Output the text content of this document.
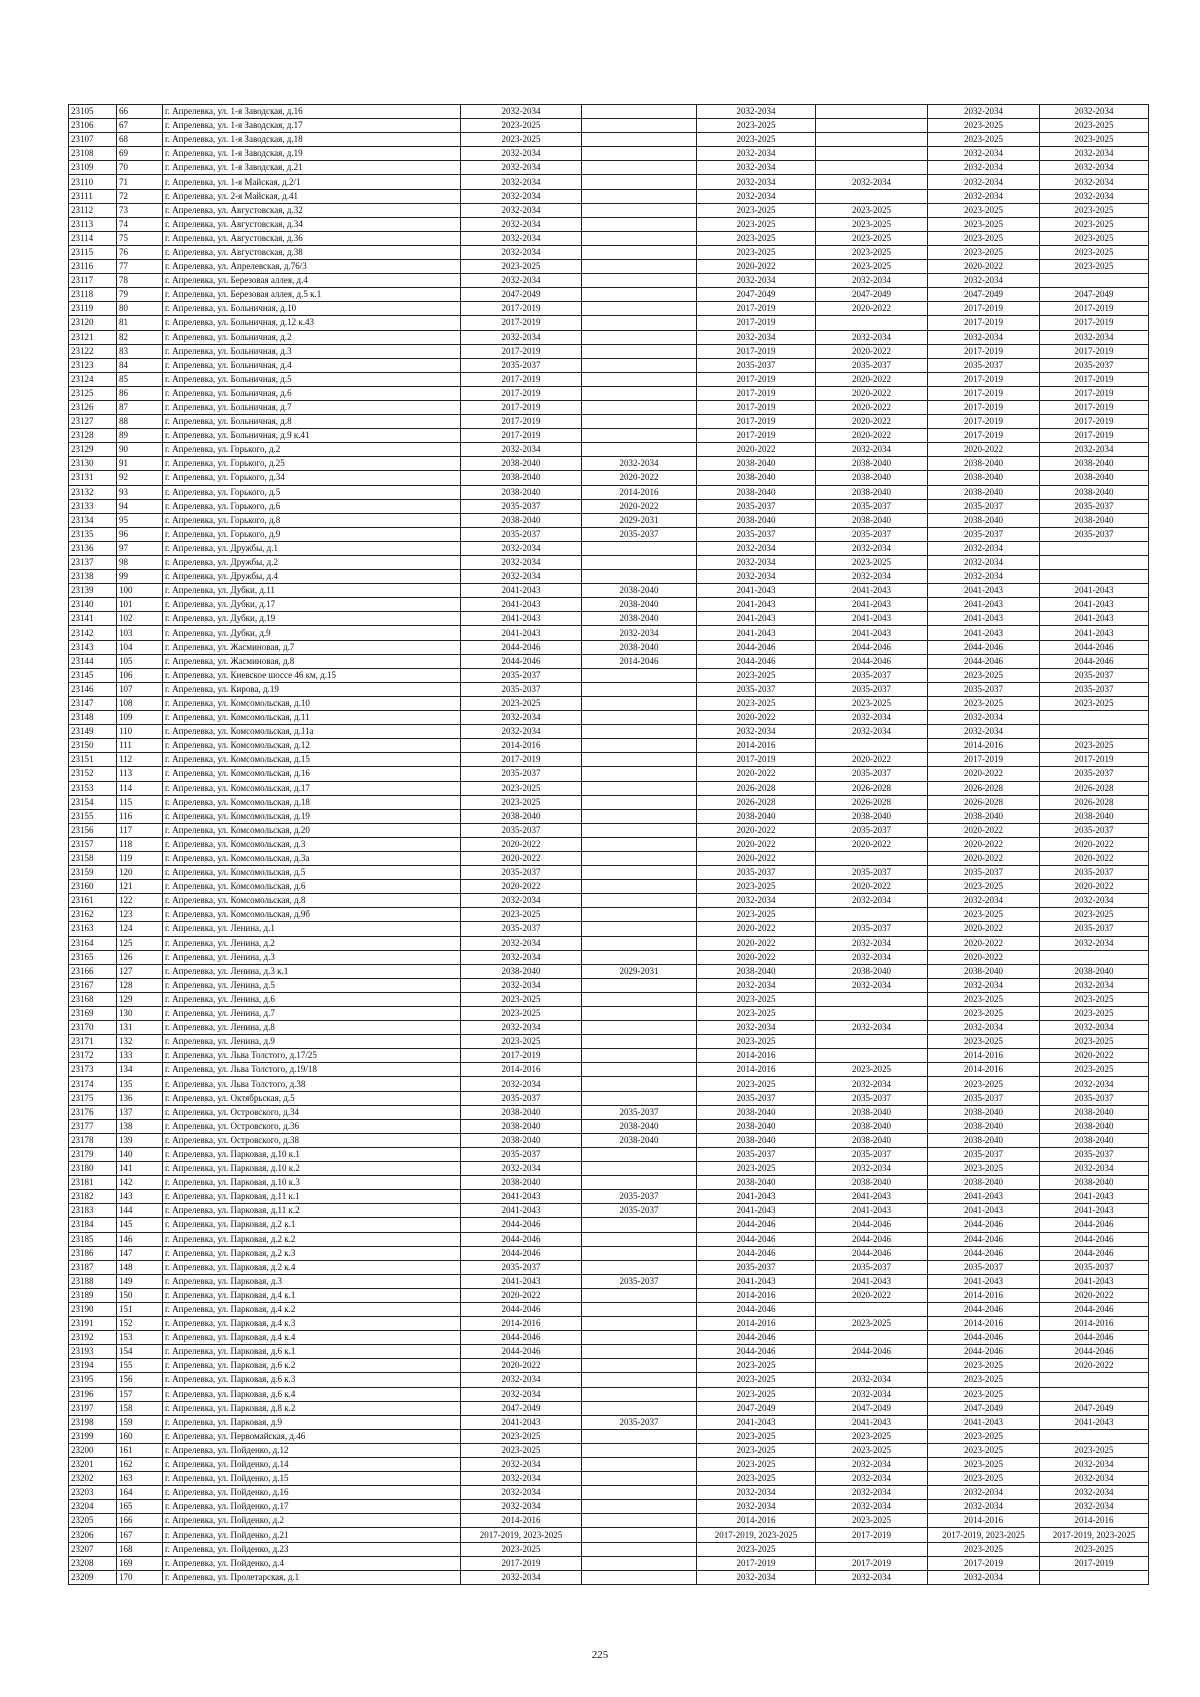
23105	66	г. Апрелевка, ул. 1-я Заводская, д.16	2032-2034		2032-2034		2032-2034	2032-2034
23106	67	г. Апрелевка, ул. 1-я Заводская, д.17	2023-2025		2023-2025		2023-2025	2023-2025
23107	68	г. Апрелевка, ул. 1-я Заводская, д.18	2023-2025		2023-2025		2023-2025	2023-2025
23108	69	г. Апрелевка, ул. 1-я Заводская, д.19	2032-2034		2032-2034		2032-2034	2032-2034
23109	70	г. Апрелевка, ул. 1-я Заводская, д.21	2032-2034		2032-2034		2032-2034	2032-2034
23110	71	г. Апрелевка, ул. 1-я Майская, д.2/1	2032-2034		2032-2034	2032-2034	2032-2034	2032-2034
23111	72	г. Апрелевка, ул. 2-я Майская, д.41	2032-2034		2032-2034		2032-2034	2032-2034
23112	73	г. Апрелевка, ул. Августовская, д.32	2032-2034		2023-2025	2023-2025	2023-2025	2023-2025
23113	74	г. Апрелевка, ул. Августовская, д.34	2032-2034		2023-2025	2023-2025	2023-2025	2023-2025
23114	75	г. Апрелевка, ул. Августовская, д.36	2032-2034		2023-2025	2023-2025	2023-2025	2023-2025
23115	76	г. Апрелевка, ул. Августовская, д.38	2032-2034		2023-2025	2023-2025	2023-2025	2023-2025
23116	77	г. Апрелевка, ул. Апрелевская, д.76/3	2023-2025		2020-2022	2023-2025	2020-2022	2023-2025
23117	78	г. Апрелевка, ул. Березовая аллея, д.4	2032-2034		2032-2034	2032-2034	2032-2034	
23118	79	г. Апрелевка, ул. Березовая аллея, д.5 к.1	2047-2049		2047-2049	2047-2049	2047-2049	2047-2049
23119	80	г. Апрелевка, ул. Больничная, д.10	2017-2019		2017-2019	2020-2022	2017-2019	2017-2019
23120	81	г. Апрелевка, ул. Больничная, д.12 к.43	2017-2019		2017-2019		2017-2019	2017-2019
23121	82	г. Апрелевка, ул. Больничная, д.2	2032-2034		2032-2034	2032-2034	2032-2034	2032-2034
23122	83	г. Апрелевка, ул. Больничная, д.3	2017-2019		2017-2019	2020-2022	2017-2019	2017-2019
23123	84	г. Апрелевка, ул. Больничная, д.4	2035-2037		2035-2037	2035-2037	2035-2037	2035-2037
23124	85	г. Апрелевка, ул. Больничная, д.5	2017-2019		2017-2019	2020-2022	2017-2019	2017-2019
23125	86	г. Апрелевка, ул. Больничная, д.6	2017-2019		2017-2019	2020-2022	2017-2019	2017-2019
23126	87	г. Апрелевка, ул. Больничная, д.7	2017-2019		2017-2019	2020-2022	2017-2019	2017-2019
23127	88	г. Апрелевка, ул. Больничная, д.8	2017-2019		2017-2019	2020-2022	2017-2019	2017-2019
23128	89	г. Апрелевка, ул. Больничная, д.9 к.41	2017-2019		2017-2019	2020-2022	2017-2019	2017-2019
23129	90	г. Апрелевка, ул. Горького, д.2	2032-2034		2020-2022	2032-2034	2020-2022	2032-2034
23130	91	г. Апрелевка, ул. Горького, д.25	2038-2040	2032-2034	2038-2040	2038-2040	2038-2040	2038-2040
23131	92	г. Апрелевка, ул. Горького, д.34	2038-2040	2020-2022	2038-2040	2038-2040	2038-2040	2038-2040
23132	93	г. Апрелевка, ул. Горького, д.5	2038-2040	2014-2016	2038-2040	2038-2040	2038-2040	2038-2040
23133	94	г. Апрелевка, ул. Горького, д.6	2035-2037	2020-2022	2035-2037	2035-2037	2035-2037	2035-2037
23134	95	г. Апрелевка, ул. Горького, д.8	2038-2040	2029-2031	2038-2040	2038-2040	2038-2040	2038-2040
23135	96	г. Апрелевка, ул. Горького, д.9	2035-2037	2035-2037	2035-2037	2035-2037	2035-2037	2035-2037
23136	97	г. Апрелевка, ул. Дружбы, д.1	2032-2034		2032-2034	2032-2034	2032-2034	
23137	98	г. Апрелевка, ул. Дружбы, д.2	2032-2034		2032-2034	2023-2025	2032-2034	
23138	99	г. Апрелевка, ул. Дружбы, д.4	2032-2034		2032-2034	2032-2034	2032-2034	
23139	100	г. Апрелевка, ул. Дубки, д.11	2041-2043	2038-2040	2041-2043	2041-2043	2041-2043	2041-2043
23140	101	г. Апрелевка, ул. Дубки, д.17	2041-2043	2038-2040	2041-2043	2041-2043	2041-2043	2041-2043
23141	102	г. Апрелевка, ул. Дубки, д.19	2041-2043	2038-2040	2041-2043	2041-2043	2041-2043	2041-2043
23142	103	г. Апрелевка, ул. Дубки, д.9	2041-2043	2032-2034	2041-2043	2041-2043	2041-2043	2041-2043
23143	104	г. Апрелевка, ул. Жасминовая, д.7	2044-2046	2038-2040	2044-2046	2044-2046	2044-2046	2044-2046
23144	105	г. Апрелевка, ул. Жасминовая, д.8	2044-2046	2014-2046	2044-2046	2044-2046	2044-2046	2044-2046
23145	106	г. Апрелевка, ул. Киевское шоссе 46 км, д.15	2035-2037		2023-2025	2035-2037	2023-2025	2035-2037
23146	107	г. Апрелевка, ул. Кирова, д.19	2035-2037		2035-2037	2035-2037	2035-2037	2035-2037
23147	108	г. Апрелевка, ул. Комсомольская, д.10	2023-2025		2023-2025	2023-2025	2023-2025	2023-2025
23148	109	г. Апрелевка, ул. Комсомольская, д.11	2032-2034		2020-2022	2032-2034	2032-2034	
23149	110	г. Апрелевка, ул. Комсомольская, д.11а	2032-2034		2032-2034	2032-2034	2032-2034	
23150	111	г. Апрелевка, ул. Комсомольская, д.12	2014-2016		2014-2016		2014-2016	2023-2025
23151	112	г. Апрелевка, ул. Комсомольская, д.15	2017-2019		2017-2019	2020-2022	2017-2019	2017-2019
23152	113	г. Апрелевка, ул. Комсомольская, д.16	2035-2037		2020-2022	2035-2037	2020-2022	2035-2037
23153	114	г. Апрелевка, ул. Комсомольская, д.17	2023-2025		2026-2028	2026-2028	2026-2028	2026-2028
23154	115	г. Апрелевка, ул. Комсомольская, д.18	2023-2025		2026-2028	2026-2028	2026-2028	2026-2028
23155	116	г. Апрелевка, ул. Комсомольская, д.19	2038-2040		2038-2040	2038-2040	2038-2040	2038-2040
23156	117	г. Апрелевка, ул. Комсомольская, д.20	2035-2037		2020-2022	2035-2037	2020-2022	2035-2037
23157	118	г. Апрелевка, ул. Комсомольская, д.3	2020-2022		2020-2022	2020-2022	2020-2022	2020-2022
23158	119	г. Апрелевка, ул. Комсомольская, д.3а	2020-2022		2020-2022		2020-2022	2020-2022
23159	120	г. Апрелевка, ул. Комсомольская, д.5	2035-2037		2035-2037	2035-2037	2035-2037	2035-2037
23160	121	г. Апрелевка, ул. Комсомольская, д.6	2020-2022		2023-2025	2020-2022	2023-2025	2020-2022
23161	122	г. Апрелевка, ул. Комсомольская, д.8	2032-2034		2032-2034	2032-2034	2032-2034	2032-2034
23162	123	г. Апрелевка, ул. Комсомольская, д.9б	2023-2025		2023-2025		2023-2025	2023-2025
23163	124	г. Апрелевка, ул. Ленина, д.1	2035-2037		2020-2022	2035-2037	2020-2022	2035-2037
23164	125	г. Апрелевка, ул. Ленина, д.2	2032-2034		2020-2022	2032-2034	2020-2022	2032-2034
23165	126	г. Апрелевка, ул. Ленина, д.3	2032-2034		2020-2022	2032-2034	2020-2022	
23166	127	г. Апрелевка, ул. Ленина, д.3 к.1	2038-2040	2029-2031	2038-2040	2038-2040	2038-2040	2038-2040
23167	128	г. Апрелевка, ул. Ленина, д.5	2032-2034		2032-2034	2032-2034	2032-2034	2032-2034
23168	129	г. Апрелевка, ул. Ленина, д.6	2023-2025		2023-2025		2023-2025	2023-2025
23169	130	г. Апрелевка, ул. Ленина, д.7	2023-2025		2023-2025		2023-2025	2023-2025
23170	131	г. Апрелевка, ул. Ленина, д.8	2032-2034		2032-2034	2032-2034	2032-2034	2032-2034
23171	132	г. Апрелевка, ул. Ленина, д.9	2023-2025		2023-2025		2023-2025	2023-2025
23172	133	г. Апрелевка, ул. Льва Толстого, д.17/25	2017-2019		2014-2016		2014-2016	2020-2022
23173	134	г. Апрелевка, ул. Льва Толстого, д.19/18	2014-2016		2014-2016	2023-2025	2014-2016	2023-2025
23174	135	г. Апрелевка, ул. Льва Толстого, д.38	2032-2034		2023-2025	2032-2034	2023-2025	2032-2034
23175	136	г. Апрелевка, ул. Октябрьская, д.5	2035-2037		2035-2037	2035-2037	2035-2037	2035-2037
23176	137	г. Апрелевка, ул. Островского, д.34	2038-2040	2035-2037	2038-2040	2038-2040	2038-2040	2038-2040
23177	138	г. Апрелевка, ул. Островского, д.36	2038-2040	2038-2040	2038-2040	2038-2040	2038-2040	2038-2040
23178	139	г. Апрелевка, ул. Островского, д.38	2038-2040	2038-2040	2038-2040	2038-2040	2038-2040	2038-2040
23179	140	г. Апрелевка, ул. Парковая, д.10 к.1	2035-2037		2035-2037	2035-2037	2035-2037	2035-2037
23180	141	г. Апрелевка, ул. Парковая, д.10 к.2	2032-2034		2023-2025	2032-2034	2023-2025	2032-2034
23181	142	г. Апрелевка, ул. Парковая, д.10 к.3	2038-2040		2038-2040	2038-2040	2038-2040	2038-2040
23182	143	г. Апрелевка, ул. Парковая, д.11 к.1	2041-2043	2035-2037	2041-2043	2041-2043	2041-2043	2041-2043
23183	144	г. Апрелевка, ул. Парковая, д.11 к.2	2041-2043	2035-2037	2041-2043	2041-2043	2041-2043	2041-2043
23184	145	г. Апрелевка, ул. Парковая, д.2 к.1	2044-2046		2044-2046	2044-2046	2044-2046	2044-2046
23185	146	г. Апрелевка, ул. Парковая, д.2 к.2	2044-2046		2044-2046	2044-2046	2044-2046	2044-2046
23186	147	г. Апрелевка, ул. Парковая, д.2 к.3	2044-2046		2044-2046	2044-2046	2044-2046	2044-2046
23187	148	г. Апрелевка, ул. Парковая, д.2 к.4	2035-2037		2035-2037	2035-2037	2035-2037	2035-2037
23188	149	г. Апрелевка, ул. Парковая, д.3	2041-2043	2035-2037	2041-2043	2041-2043	2041-2043	2041-2043
23189	150	г. Апрелевка, ул. Парковая, д.4 к.1	2020-2022		2014-2016	2020-2022	2014-2016	2020-2022
23190	151	г. Апрелевка, ул. Парковая, д.4 к.2	2044-2046		2044-2046		2044-2046	2044-2046
23191	152	г. Апрелевка, ул. Парковая, д.4 к.3	2014-2016		2014-2016	2023-2025	2014-2016	2014-2016
23192	153	г. Апрелевка, ул. Парковая, д.4 к.4	2044-2046		2044-2046		2044-2046	2044-2046
23193	154	г. Апрелевка, ул. Парковая, д.6 к.1	2044-2046		2044-2046	2044-2046	2044-2046	2044-2046
23194	155	г. Апрелевка, ул. Парковая, д.6 к.2	2020-2022		2023-2025		2023-2025	2020-2022
23195	156	г. Апрелевка, ул. Парковая, д.6 к.3	2032-2034		2023-2025	2032-2034	2023-2025	
23196	157	г. Апрелевка, ул. Парковая, д.6 к.4	2032-2034		2023-2025	2032-2034	2023-2025	
23197	158	г. Апрелевка, ул. Парковая, д.8 к.2	2047-2049		2047-2049	2047-2049	2047-2049	2047-2049
23198	159	г. Апрелевка, ул. Парковая, д.9	2041-2043	2035-2037	2041-2043	2041-2043	2041-2043	2041-2043
23199	160	г. Апрелевка, ул. Первомайская, д.46	2023-2025		2023-2025	2023-2025	2023-2025	
23200	161	г. Апрелевка, ул. Пойденко, д.12	2023-2025		2023-2025	2023-2025	2023-2025	2023-2025
23201	162	г. Апрелевка, ул. Пойденко, д.14	2032-2034		2023-2025	2032-2034	2023-2025	2032-2034
23202	163	г. Апрелевка, ул. Пойденко, д.15	2032-2034		2023-2025	2032-2034	2023-2025	2032-2034
23203	164	г. Апрелевка, ул. Пойденко, д.16	2032-2034		2032-2034	2032-2034	2032-2034	2032-2034
23204	165	г. Апрелевка, ул. Пойденко, д.17	2032-2034		2032-2034	2032-2034	2032-2034	2032-2034
23205	166	г. Апрелевка, ул. Пойденко, д.2	2014-2016		2014-2016	2023-2025	2014-2016	2014-2016
23206	167	г. Апрелевка, ул. Пойденко, д.21	2017-2019, 2023-2025		2017-2019, 2023-2025	2017-2019	2017-2019, 2023-2025	2017-2019, 2023-2025
23207	168	г. Апрелевка, ул. Пойденко, д.23	2023-2025		2023-2025		2023-2025	2023-2025
23208	169	г. Апрелевка, ул. Пойденко, д.4	2017-2019		2017-2019	2017-2019	2017-2019	2017-2019
23209	170	г. Апрелевка, ул. Пролетарская, д.1	2032-2034		2032-2034	2032-2034	2032-2034	
225
